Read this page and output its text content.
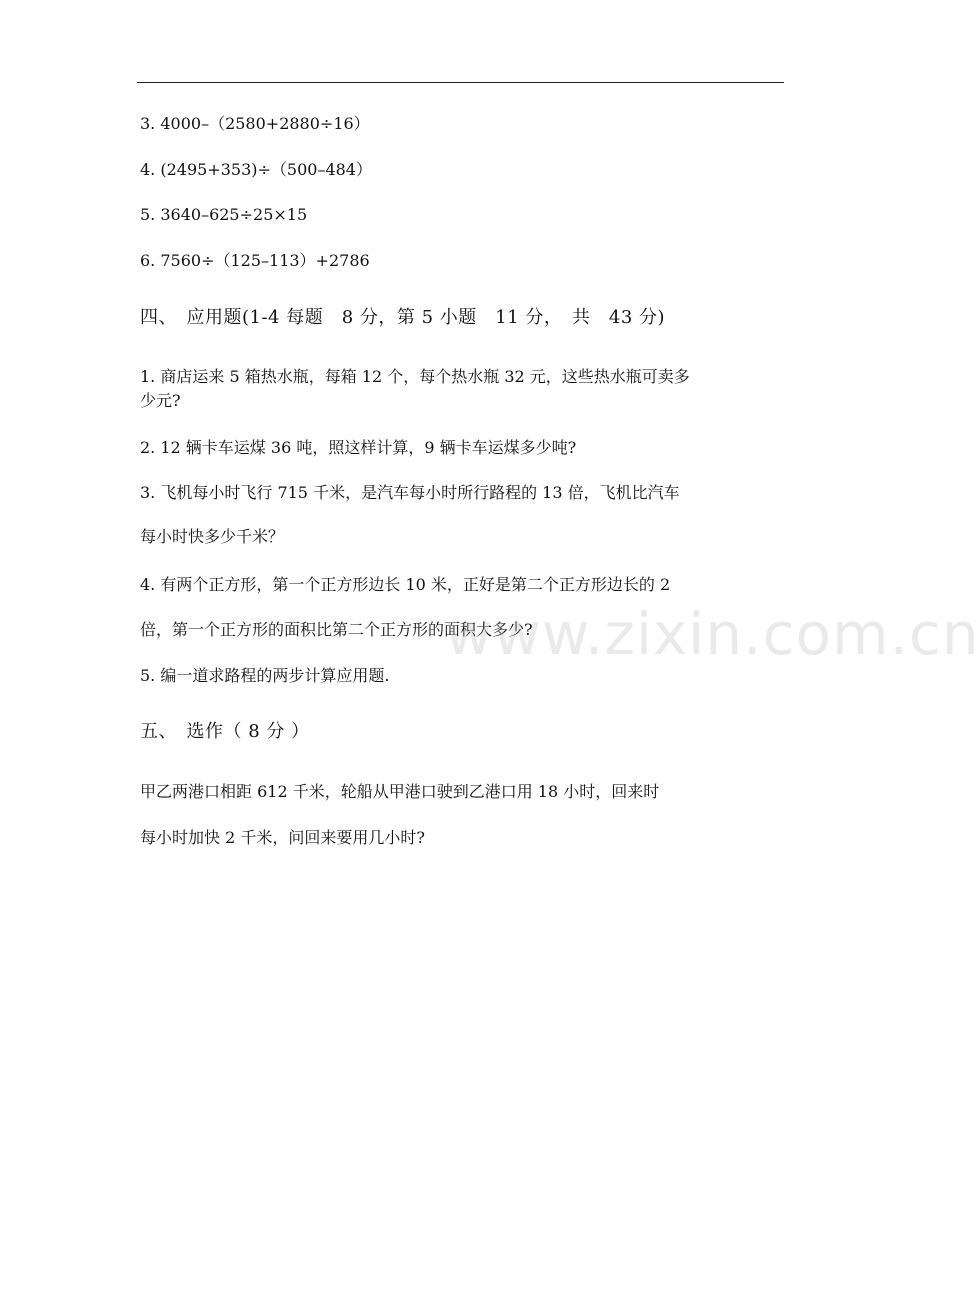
3. 4000–（2580+2880÷16）
4. (2495+353)÷（500–484）
5. 3640–625÷25×15
6. 7560÷（125–113）+2786
四、　应用题(1-4 每题　8 分，第 5 小题　11 分，　共　43 分)
1. 商店运来 5 箱热水瓶，每箱 12 个，每个热水瓶 32 元，这些热水瓶可卖多
少元?
2. 12 辆卡车运煤 36 吨，照这样计算，9 辆卡车运煤多少吨?
3. 飞机每小时飞行 715 千米，是汽车每小时所行路程的 13 倍，飞机比汽车
每小时快多少千米？
4. 有两个正方形，第一个正方形边长 10 米，正好是第二个正方形边长的 2
倍，第一个正方形的面积比第二个正方形的面积大多少?
5. 编一道求路程的两步计算应用题.
五、　选作（ 8 分 ）
甲乙两港口相距 612 千米，轮船从甲港口驶到乙港口用 18 小时，回来时
每小时加快 2 千米，问回来要用几小时?
www.zixin.com.cn
